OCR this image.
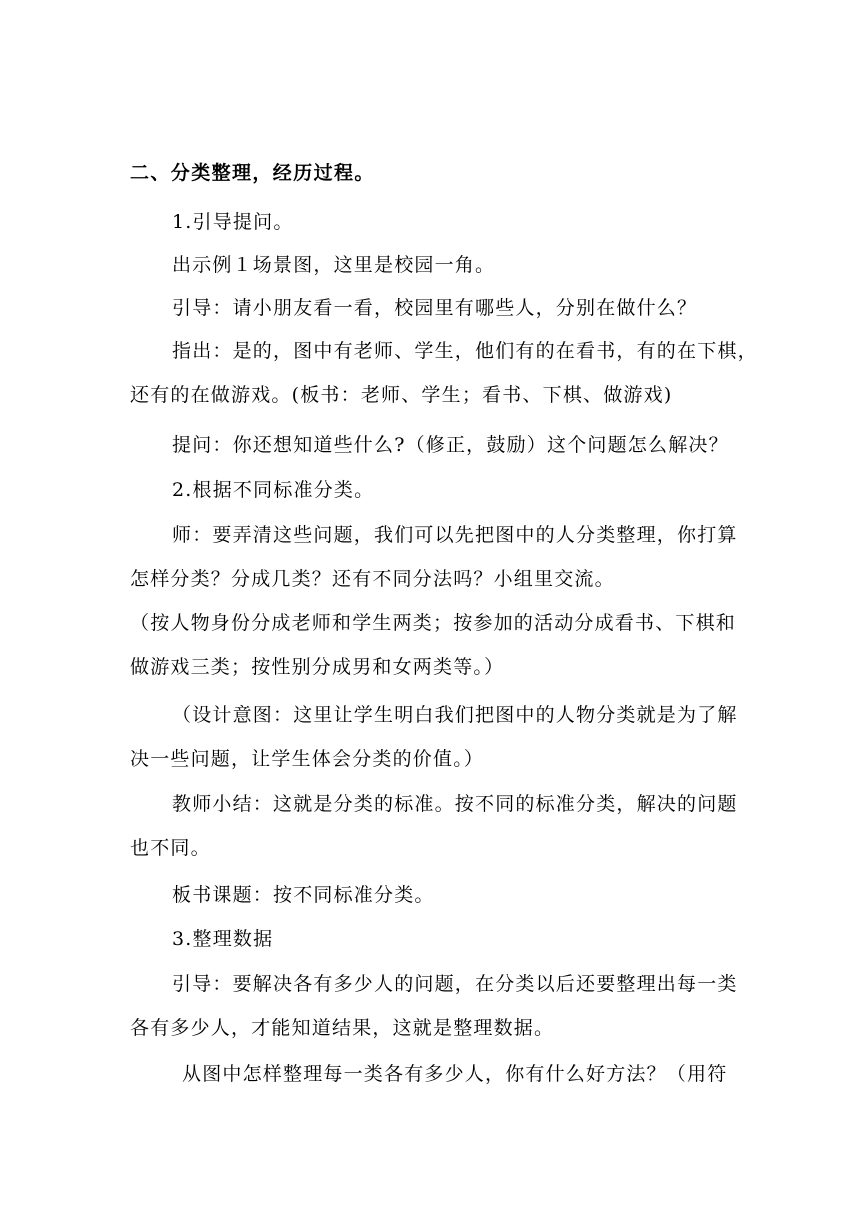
二、分类整理，经历过程。
1.引导提问。
出示例１场景图，这里是校园一角。
引导：请小朋友看一看，校园里有哪些人，分别在做什么？
指出：是的，图中有老师、学生，他们有的在看书，有的在下棋，
还有的在做游戏。(板书：老师、学生；看书、下棋、做游戏)
提问：你还想知道些什么?（修正，鼓励）这个问题怎么解决？
2.根据不同标准分类。
师：要弄清这些问题，我们可以先把图中的人分类整理，你打算
怎样分类？分成几类？还有不同分法吗？小组里交流。
（按人物身份分成老师和学生两类；按参加的活动分成看书、下棋和
做游戏三类；按性别分成男和女两类等。）
（设计意图：这里让学生明白我们把图中的人物分类就是为了解
决一些问题，让学生体会分类的价值。）
教师小结：这就是分类的标准。按不同的标准分类，解决的问题
也不同。
板书课题：按不同标准分类。
3.整理数据
引导：要解决各有多少人的问题，在分类以后还要整理出每一类
各有多少人，才能知道结果，这就是整理数据。
从图中怎样整理每一类各有多少人，你有什么好方法？（用符
